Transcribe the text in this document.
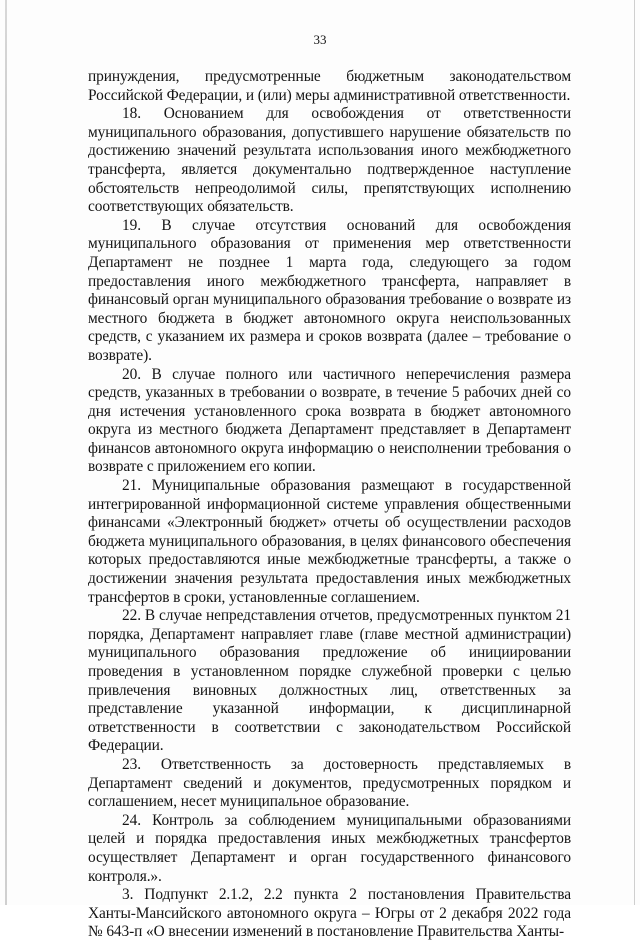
33

принуждения, предусмотренные бюджетным законодательством Российской Федерации, и (или) меры административной ответственности.

18. Основанием для освобождения от ответственности муниципального образования, допустившего нарушение обязательств по достижению значений результата использования иного межбюджетного трансферта, является документально подтвержденное наступление обстоятельств непреодолимой силы, препятствующих исполнению соответствующих обязательств.

19. В случае отсутствия оснований для освобождения муниципального образования от применения мер ответственности Департамент не позднее 1 марта года, следующего за годом предоставления иного межбюджетного трансферта, направляет в финансовый орган муниципального образования требование о возврате из местного бюджета в бюджет автономного округа неиспользованных средств, с указанием их размера и сроков возврата (далее – требование о возврате).

20. В случае полного или частичного неперечисления размера средств, указанных в требовании о возврате, в течение 5 рабочих дней со дня истечения установленного срока возврата в бюджет автономного округа из местного бюджета Департамент представляет в Департамент финансов автономного округа информацию о неисполнении требования о возврате с приложением его копии.

21. Муниципальные образования размещают в государственной интегрированной информационной системе управления общественными финансами «Электронный бюджет» отчеты об осуществлении расходов бюджета муниципального образования, в целях финансового обеспечения которых предоставляются иные межбюджетные трансферты, а также о достижении значения результата предоставления иных межбюджетных трансфертов в сроки, установленные соглашением.

22. В случае непредставления отчетов, предусмотренных пунктом 21 порядка, Департамент направляет главе (главе местной администрации) муниципального образования предложение об инициировании проведения в установленном порядке служебной проверки с целью привлечения виновных должностных лиц, ответственных за представление указанной информации, к дисциплинарной ответственности в соответствии с законодательством Российской Федерации.

23. Ответственность за достоверность представляемых в Департамент сведений и документов, предусмотренных порядком и соглашением, несет муниципальное образование.

24. Контроль за соблюдением муниципальными образованиями целей и порядка предоставления иных межбюджетных трансфертов осуществляет Департамент и орган государственного финансового контроля.».

3. Подпункт 2.1.2, 2.2 пункта 2 постановления Правительства Ханты-Мансийского автономного округа – Югры от 2 декабря 2022 года № 643-п «О внесении изменений в постановление Правительства Ханты-
